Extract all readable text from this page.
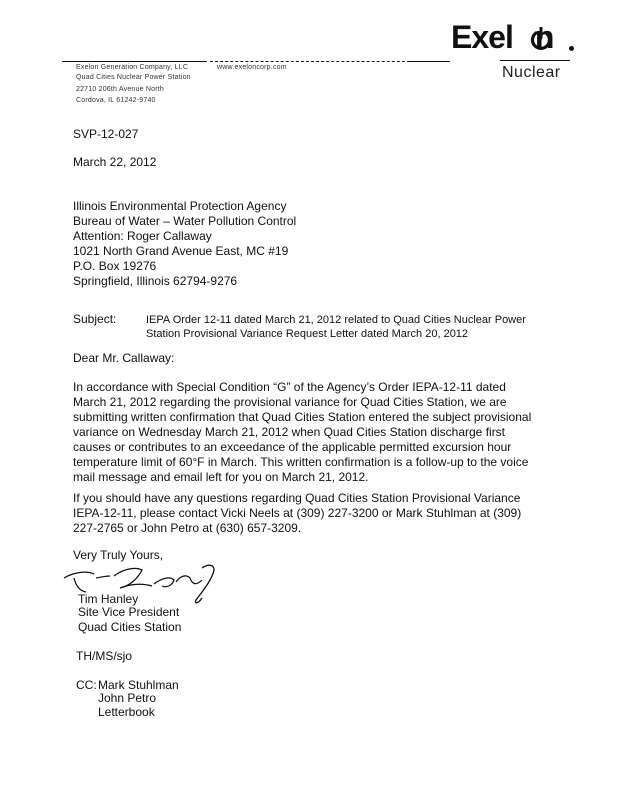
Exelon Generation Company, LLC	www.exeloncorp.com
Quad Cities Nuclear Power Station
22710 206th Avenue North
Cordova, IL 61242-9740
Exel n
Nuclear
SVP-12-027
March 22, 2012
Illinois Environmental Protection Agency
Bureau of Water – Water Pollution Control
Attention: Roger Callaway
1021 North Grand Avenue East, MC #19
P.O. Box 19276
Springfield, Illinois 62794-9276
Subject:	IEPA Order 12-11 dated March 21, 2012 related to Quad Cities Nuclear Power
Station Provisional Variance Request Letter dated March 20, 2012
Dear Mr. Callaway:
In accordance with Special Condition “G” of the Agency’s Order IEPA-12-11 dated
March 21, 2012 regarding the provisional variance for Quad Cities Station, we are
submitting written confirmation that Quad Cities Station entered the subject provisional
variance on Wednesday March 21, 2012 when Quad Cities Station discharge first
causes or contributes to an exceedance of the applicable permitted excursion hour
temperature limit of 60°F in March. This written confirmation is a follow-up to the voice
mail message and email left for you on March 21, 2012.
If you should have any questions regarding Quad Cities Station Provisional Variance
IEPA-12-11, please contact Vicki Neels at (309) 227-3200 or Mark Stuhlman at (309)
227-2765 or John Petro at (630) 657-3209.
Very Truly Yours,
Tim Hanley
Site Vice President
Quad Cities Station
TH/MS/sjo
CC: Mark Stuhlman
John Petro
Letterbook
